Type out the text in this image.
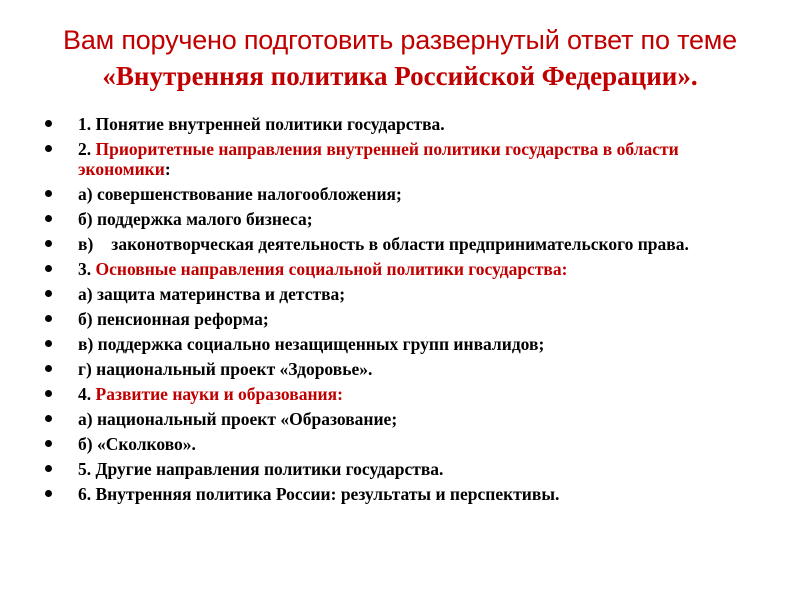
Вам поручено подготовить развернутый ответ по теме
«Внутренняя политика Российской Федерации».
1. Понятие внутренней политики государства.
2. Приоритетные направления внутренней политики государства в области экономики:
а) совершенствование налогообложения;
б) поддержка малого бизнеса;
в) законотворческая деятельность в области предпринимательского права.
3. Основные направления социальной политики государства:
а) защита материнства и детства;
б) пенсионная реформа;
в) поддержка социально незащищенных групп инвалидов;
г) национальный проект «Здоровье».
4. Развитие науки и образования:
а) национальный проект «Образование;
б) «Сколково».
5. Другие направления политики государства.
6. Внутренняя политика России: результаты и перспективы.
